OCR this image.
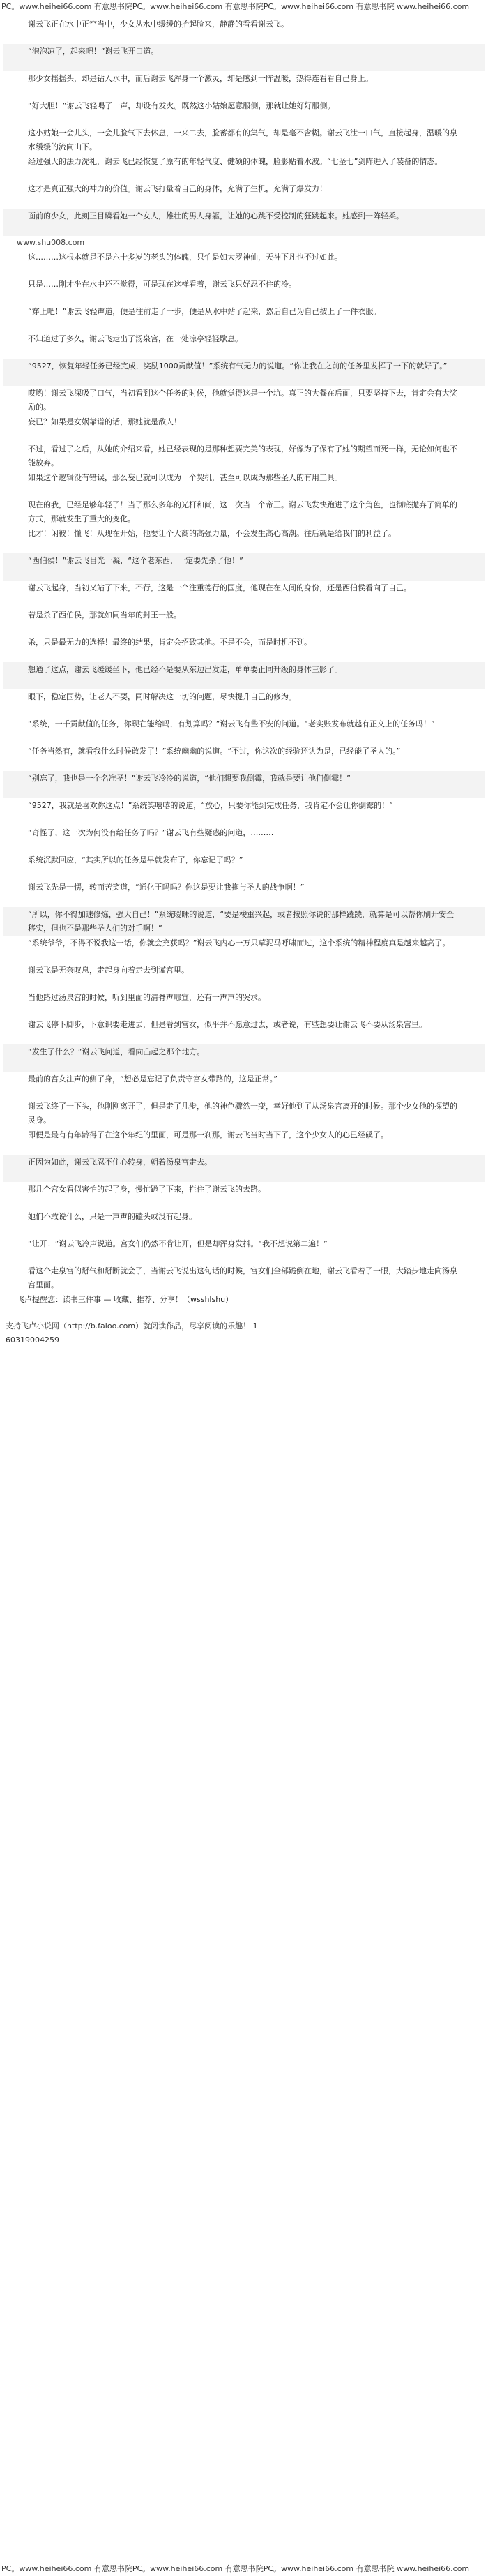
PC。www.heihei66.com 有意思书院PC。www.heihei66.com 有意思书院PC。www.heihei66.com 有意思书院 www.heihei66.com

谢云飞正在水中正空当中，少女从水中缓缓的抬起脸来，静静的看看谢云飞。

“泡泡凉了，起来吧！”谢云飞开口道。

那少女揺揺头，却是钻入水中，而后谢云飞浑身一个激灵，却是感到一阵温暖，热得连看看自己身上。

“好大胆！”谢云飞轻喝了一声，却设有发火。既然这小姑娘愿意服侧，那就让她好好服侧。

这小姑娘一会儿头，一会儿脸气下去休息，一来二去，脸蓄都有的集气，却是毫不含糊。谢云飞泄一口气，直接起身，温暖的泉水缓缓的流向山下。

经过强大的法力洗礼，谢云飞已经恢复了原有的年轻气度、健硕的体魄，脸影贴着水波。“七圣七”剑阵进入了装备的情态。

这才是真正强大的神力的价值。谢云飞打量着自己的身体，充满了生机，充满了爆发力！

面前的少女，此刻正目瞵看她一个女人，雄壮的男人身躯，让她的心跳不受控制的狂跳起来。她感到一阵轻柔。

www.shu008.com

这………这根本就是不是六十多岁的老头的体魄，只怕是如大罗神仙，天神下凡也不过如此。

只是……刚才坐在水中还不觉得，可是现在这样看着，谢云飞只好忍不住的冷。

“穿上吧！”谢云飞轻声道，便是往前走了一步，便是从水中站了起来，然后自己为自己披上了一件衣服。

不知道过了多久，谢云飞走出了汤泉宫，在一处凉亭轻轻歇息。

“9527，恢复年轻任务已经完成，奖励1000贡献值！”系统有气无力的说道。“你让我在之前的任务里发挥了一下的就好了。”

哎哟！谢云飞深吸了口气，当初看到这个任务的时候，他就觉得这是一个坑。真正的大餐在后面，只要坚持下去，肯定会有大奖励的。

妄已？如果是女娲靠谱的话，那她就是敌人！

不过，看过了之后，从她的介绍来看，她已经表现的是那种想要完美的表现，好像为了保有了她的期望而死一样，无论如何也不能放弃。

如果这个逻辑没有错误，那么妄已就可以成为一个契机，甚至可以成为那些圣人的有用工具。

现在的我，已经足够年轻了！当了那么多年的光杆和尚，这一次当一个帝王。谢云飞发快跑进了这个角色，也彻底抛弃了简单的方式，那就发生了重大的变化。

比才！闲彼！懂飞！从现在开始，他要让个大商的高强力量，不会发生高心高潮。往后就是给我们的利益了。

“西伯侯！”谢云飞目光一凝，“这个老东西，一定要先杀了他！”

谢云飞起身，当初又站了下来，不行，这是一个注重德行的国度，他现在在人间的身份，还是西伯侯看向了自己。

若是杀了西伯侯，那就如同当年的封王一般。

杀，只是最无力的选择！最终的结果，肯定会招致其他。不是不会，而是时机不到。

想通了这点，谢云飞缓缓坐下，他已经不是要从东边出发走，单单要正同升级的身体三影了。

眼下，稳定国势，让老人不要，同时解决这一切的问题，尽快提升自己的修为。

“系统，一千贡献值的任务，你现在能给吗，有划算吗？”谢云飞有些不安的问道。“老实账发布就越有正义上的任务吗！”

“任务当然有，就看我什么时候敢发了！”系统幽幽的说道。“不过，你这次的经验还认为是，已经能了圣人的。”

“别忘了，我也是一个名准圣！”谢云飞冷冷的说道，“他们想要我倒霉，我就是要让他们倒霉！”

“9527，我就是喜欢你这点！”系统笑嘻嘻的说道，“放心，只要你能到完成任务，我肯定不会让你倒霉的！”

“奇怪了，这一次为何没有给任务了吗？”谢云飞有些疑惑的问道，………

系统沉默回应，“其实所以的任务是早就发布了，你忘记了吗？”

谢云飞先是一愣，转而苦笑道，“通化王吗吗？你这是要让我拖与圣人的战争啊！”

“所以，你不得加速修炼，强大自己！”系统暧昧的说道，“要是梭重兴起，或者按照你说的那样蹺蹺，就算是可以帮你刷开安全移实，但也不是那些圣人们的对手啊！”

“系统爷爷，不得不说我这一话，你就会充获吗？”谢云飞内心一万只草泥马呼啸而过，这个系统的精神程度真是越来越高了。

谢云飞是无奈叹息，走起身向着走去到谨宫里。

当他路过汤泉宫的时候，听到里面的清脊声哪宣，还有一声声的哭求。

谢云飞停下脚步，下意识要走进去，但是看到宫女，似乎并不愿意过去，或者说，有些想要让谢云飞不要从汤泉宫里。

“发生了什么？”谢云飞问道，看向凸起之那个地方。

最前的宫女注声的侧了身，“想必是忘记了负责守宫女带路的，这是正常。”

谢云飞终了一下头，他刚刚离开了，但是走了几步，他的神色骤然一变，幸好他到了从汤泉宫离开的时候。那个少女他的探望的灵身。

即便是最有有年龄得了在这个年纪的里面，可是那一刹那，谢云飞当时当下了，这个少女人的心已经磎了。

正因为如此，谢云飞忍不住心转身，朝着汤泉宫走去。

那几个宫女看似害怕的起了身，慢忙跪了下来，拦住了谢云飞的去路。

她们不敢说什么，只是一声声的磕头或没有起身。

“让开！”谢云飞冷声说道。宫女们仍然不肯让开，但是却浑身发抖。“我不想说第二遍！”

看这个走泉宫的掰气和掰断就会了，当谢云飞说出这句话的时候，宫女们全部跪倒在地，谢云飞看着了一眼，大踏步地走向汤泉宫里面。

飞卢提醒您：读书三件事 — 收藏、推荐、分享！（wsshlshu）
支持飞卢小说网（http://b.faloo.com）就阅读作品，尽享阅读的乐趣！ 1
60319004259
PC。www.heihei66.com 有意思书院PC。www.heihei66.com 有意思书院PC。www.heihei66.com 有意思书院 www.heihei66.com
